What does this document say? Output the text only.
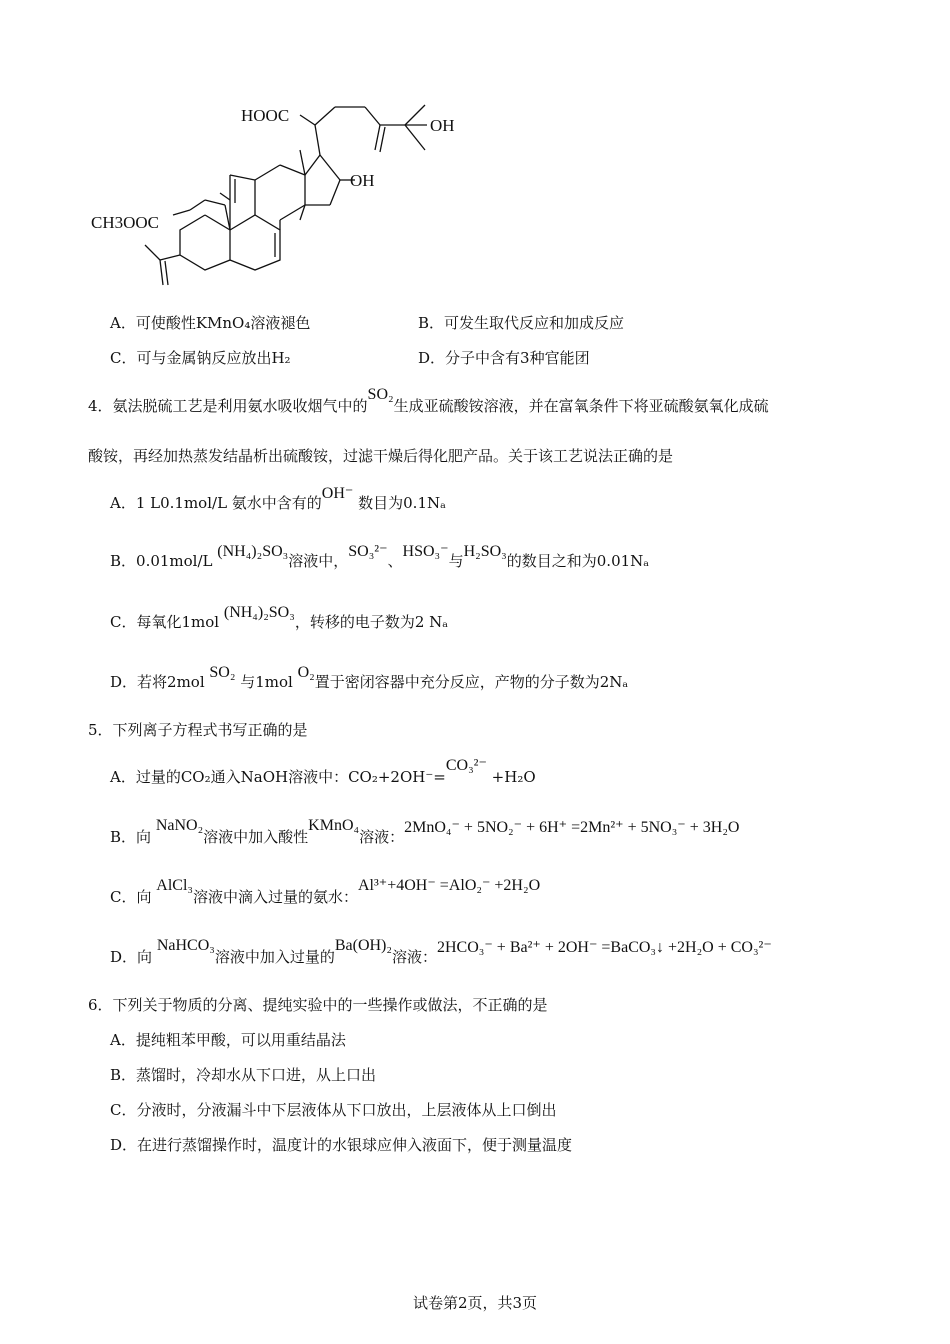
HOOC
OH
OH
CH3OOC
A．可使酸性KMnO₄溶液褪色	B．可发生取代反应和加成反应
C．可与金属钠反应放出H₂	D．分子中含有3种官能团
4．氨法脱硫工艺是利用氨水吸收烟气中的SO₂生成亚硫酸铵溶液，并在富氧条件下将亚硫酸氨氧化成硫
酸铵，再经加热蒸发结晶析出硫酸铵，过滤干燥后得化肥产品。关于该工艺说法正确的是
A．1 L0.1mol/L 氨水中含有的OH⁻ 数目为0.1Nₐ
B．0.01mol/L (NH₄)₂SO₃溶液中，SO₃²⁻、HSO₃⁻与H₂SO₃的数目之和为0.01Nₐ
C．每氧化1mol (NH₄)₂SO₃，转移的电子数为2 Nₐ
D．若将2mol SO₂ 与1mol O₂置于密闭容器中充分反应，产物的分子数为2Nₐ
5．下列离子方程式书写正确的是
A．过量的CO₂通入NaOH溶液中：CO₂+2OH⁻=CO₃²⁻ +H₂O
B．向 NaNO₂溶液中加入酸性KMnO₄溶液：2MnO₄⁻ + 5NO₂⁻ + 6H⁺ =2Mn²⁺ + 5NO₃⁻ + 3H₂O
C．向 AlCl₃溶液中滴入过量的氨水：Al³⁺+4OH⁻ =AlO₂⁻ +2H₂O
D．向 NaHCO₃溶液中加入过量的Ba(OH)₂溶液：2HCO₃⁻ + Ba²⁺ + 2OH⁻ =BaCO₃↓ +2H₂O + CO₃²⁻
6．下列关于物质的分离、提纯实验中的一些操作或做法，不正确的是
A．提纯粗苯甲酸，可以用重结晶法
B．蒸馏时，冷却水从下口进，从上口出
C．分液时，分液漏斗中下层液体从下口放出，上层液体从上口倒出
D．在进行蒸馏操作时，温度计的水银球应伸入液面下，便于测量温度
试卷第2页，共3页
